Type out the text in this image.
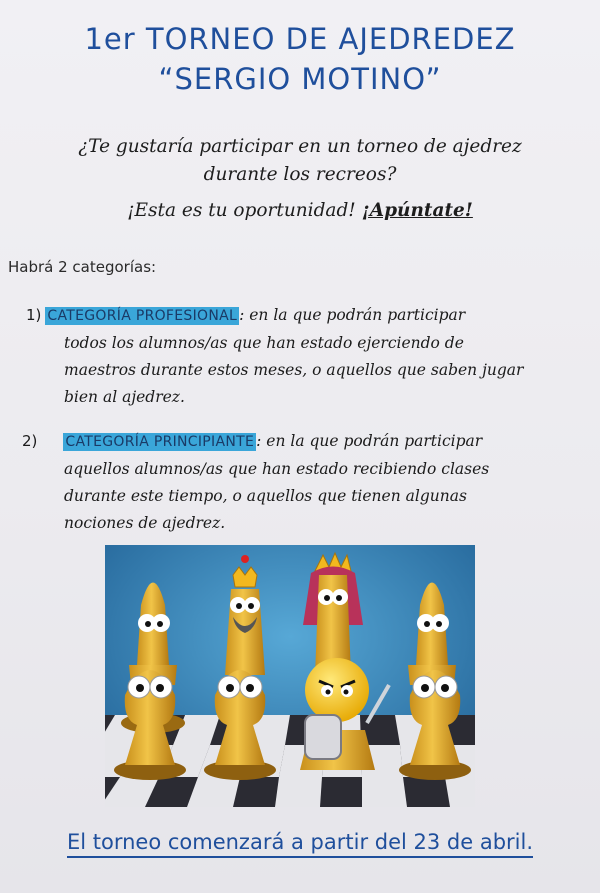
1er TORNEO DE AJEDREDEZ
“SERGIO MOTINO”
¿Te gustaría participar en un torneo de ajedrez
durante los recreos?
¡Esta es tu oportunidad! ¡Apúntate!
Habrá 2 categorías:
1) CATEGORÍA PROFESIONAL : en la que podrán participar
todos los alumnos/as que han estado ejerciendo de
maestros durante estos meses, o aquellos que saben jugar
bien al ajedrez.
2) CATEGORÍA PRINCIPIANTE : en la que podrán participar
aquellos alumnos/as que han estado recibiendo clases
durante este tiempo, o aquellos que tienen algunas
nociones de ajedrez.
El torneo comenzará a partir del 23 de abril.
